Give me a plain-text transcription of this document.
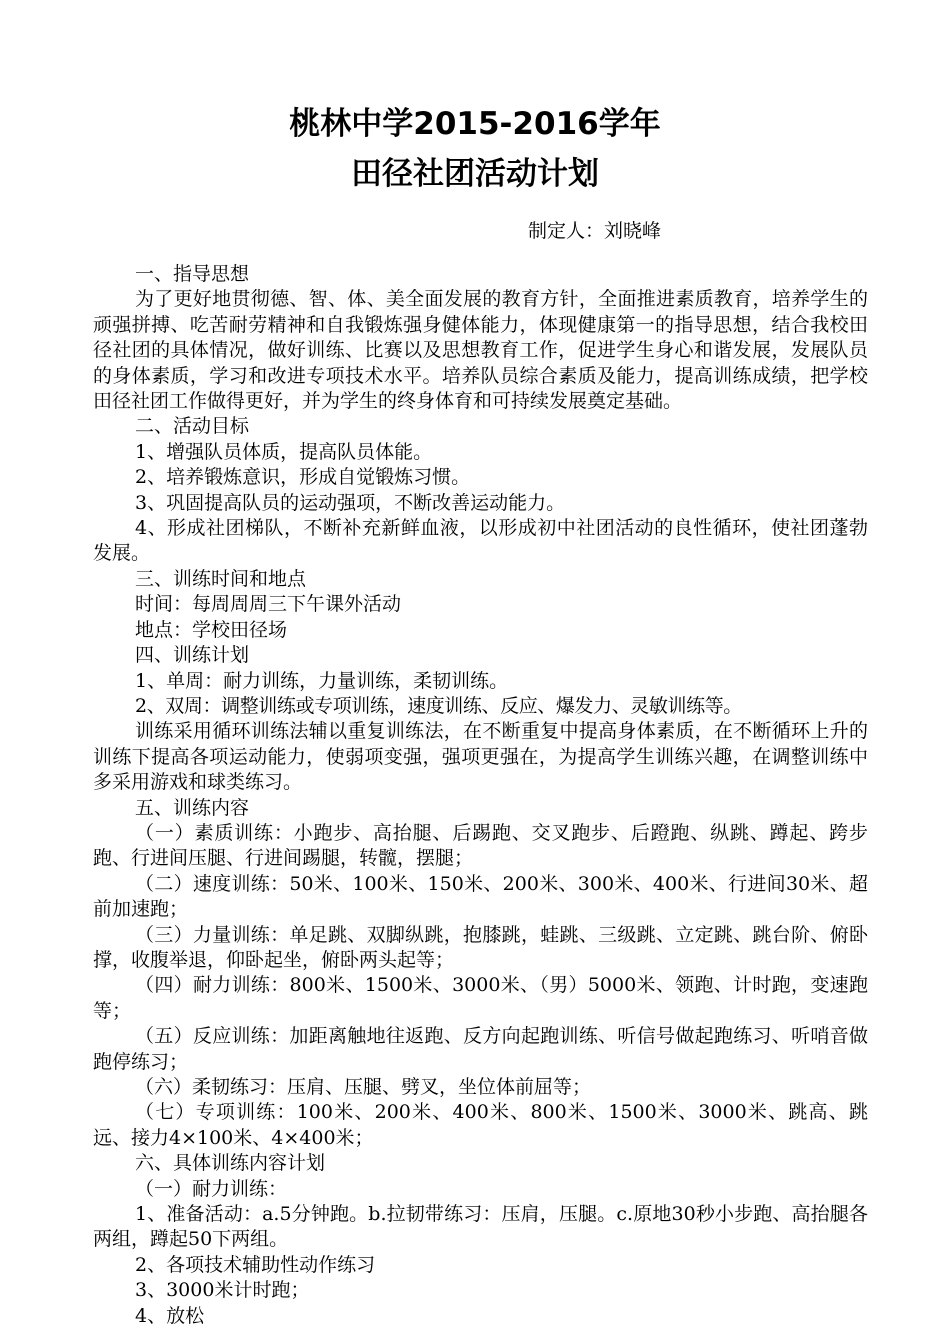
桃林中学2015-2016学年
田径社团活动计划
制定人：刘晓峰

一、指导思想

为了更好地贯彻德、智、体、美全面发展的教育方针，全面推进素质教育，培养学生的顽强拼搏、吃苦耐劳精神和自我锻炼强身健体能力，体现健康第一的指导思想，结合我校田径社团的具体情况，做好训练、比赛以及思想教育工作，促进学生身心和谐发展，发展队员的身体素质，学习和改进专项技术水平。培养队员综合素质及能力，提高训练成绩，把学校田径社团工作做得更好，并为学生的终身体育和可持续发展奠定基础。

二、活动目标

1、增强队员体质，提高队员体能。

2、培养锻炼意识，形成自觉锻炼习惯。

3、巩固提高队员的运动强项，不断改善运动能力。

4、形成社团梯队，不断补充新鲜血液，以形成初中社团活动的良性循环，使社团蓬勃发展。

三、训练时间和地点

时间：每周周周三下午课外活动

地点：学校田径场

四、训练计划

1、单周：耐力训练，力量训练，柔韧训练。

2、双周：调整训练或专项训练，速度训练、反应、爆发力、灵敏训练等。

训练采用循环训练法辅以重复训练法，在不断重复中提高身体素质，在不断循环上升的训练下提高各项运动能力，使弱项变强，强项更强在，为提高学生训练兴趣，在调整训练中多采用游戏和球类练习。

五、训练内容

（一）素质训练：小跑步、高抬腿、后踢跑、交叉跑步、后蹬跑、纵跳、蹲起、跨步跑、行进间压腿、行进间踢腿，转髋，摆腿；

（二）速度训练：50米、100米、150米、200米、300米、400米、行进间30米、超前加速跑；

（三）力量训练：单足跳、双脚纵跳，抱膝跳，蛙跳、三级跳、立定跳、跳台阶、俯卧撑，收腹举退，仰卧起坐，俯卧两头起等；

（四）耐力训练：800米、1500米、3000米、（男）5000米、领跑、计时跑，变速跑等；

（五）反应训练：加距离触地往返跑、反方向起跑训练、听信号做起跑练习、听哨音做跑停练习；

（六）柔韧练习：压肩、压腿、劈叉，坐位体前屈等；

（七）专项训练：100米、200米、400米、800米、1500米、3000米、跳高、跳远、接力4×100米、4×400米；

六、具体训练内容计划

（一）耐力训练：

1、准备活动：a.5分钟跑。b.拉韧带练习：压肩，压腿。c.原地30秒小步跑、高抬腿各两组，蹲起50下两组。

2、各项技术辅助性动作练习

3、3000米计时跑；

4、放松
